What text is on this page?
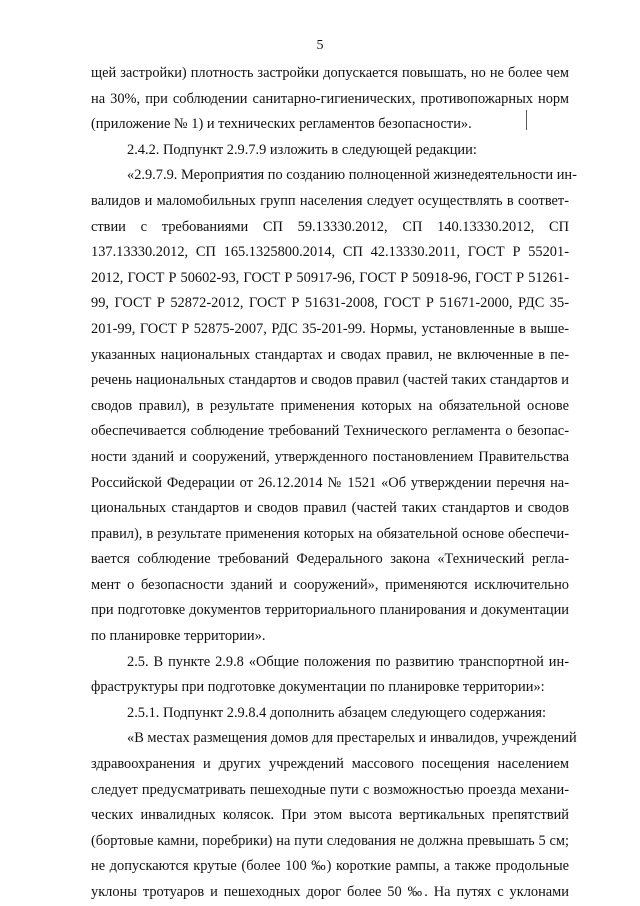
5
щей застройки) плотность застройки допускается повышать, но не более чем
на 30%, при соблюдении санитарно-гигиенических, противопожарных норм
(приложение № 1) и технических регламентов безопасности».
2.4.2. Подпункт 2.9.7.9 изложить в следующей редакции:
«2.9.7.9. Мероприятия по созданию полноценной жизнедеятельности ин-
валидов и маломобильных групп населения следует осуществлять в соответ-
ствии с требованиями СП 59.13330.2012, СП 140.13330.2012, СП
137.13330.2012, СП 165.1325800.2014, СП 42.13330.2011, ГОСТ Р 55201-
2012, ГОСТ Р 50602-93, ГОСТ Р 50917-96, ГОСТ Р 50918-96, ГОСТ Р 51261-
99, ГОСТ Р 52872-2012, ГОСТ Р 51631-2008, ГОСТ Р 51671-2000, РДС 35-
201-99, ГОСТ Р 52875-2007, РДС 35-201-99. Нормы, установленные в выше-
указанных национальных стандартах и сводах правил, не включенные в пе-
речень национальных стандартов и сводов правил (частей таких стандартов и
сводов правил), в результате применения которых на обязательной основе
обеспечивается соблюдение требований Технического регламента о безопас-
ности зданий и сооружений, утвержденного постановлением Правительства
Российской Федерации от 26.12.2014 № 1521 «Об утверждении перечня на-
циональных стандартов и сводов правил (частей таких стандартов и сводов
правил), в результате применения которых на обязательной основе обеспечи-
вается соблюдение требований Федерального закона «Технический регла-
мент о безопасности зданий и сооружений», применяются исключительно
при подготовке документов территориального планирования и документации
по планировке территории».
2.5. В пункте 2.9.8 «Общие положения по развитию транспортной ин-
фраструктуры при подготовке документации по планировке территории»:
2.5.1. Подпункт 2.9.8.4 дополнить абзацем следующего содержания:
«В местах размещения домов для престарелых и инвалидов, учреждений
здравоохранения и других учреждений массового посещения населением
следует предусматривать пешеходные пути с возможностью проезда механи-
ческих инвалидных колясок. При этом высота вертикальных препятствий
(бортовые камни, поребрики) на пути следования не должна превышать 5 см;
не допускаются крутые (более 100 ‰) короткие рампы, а также продольные
уклоны тротуаров и пешеходных дорог более 50 ‰. На путях с уклонами
